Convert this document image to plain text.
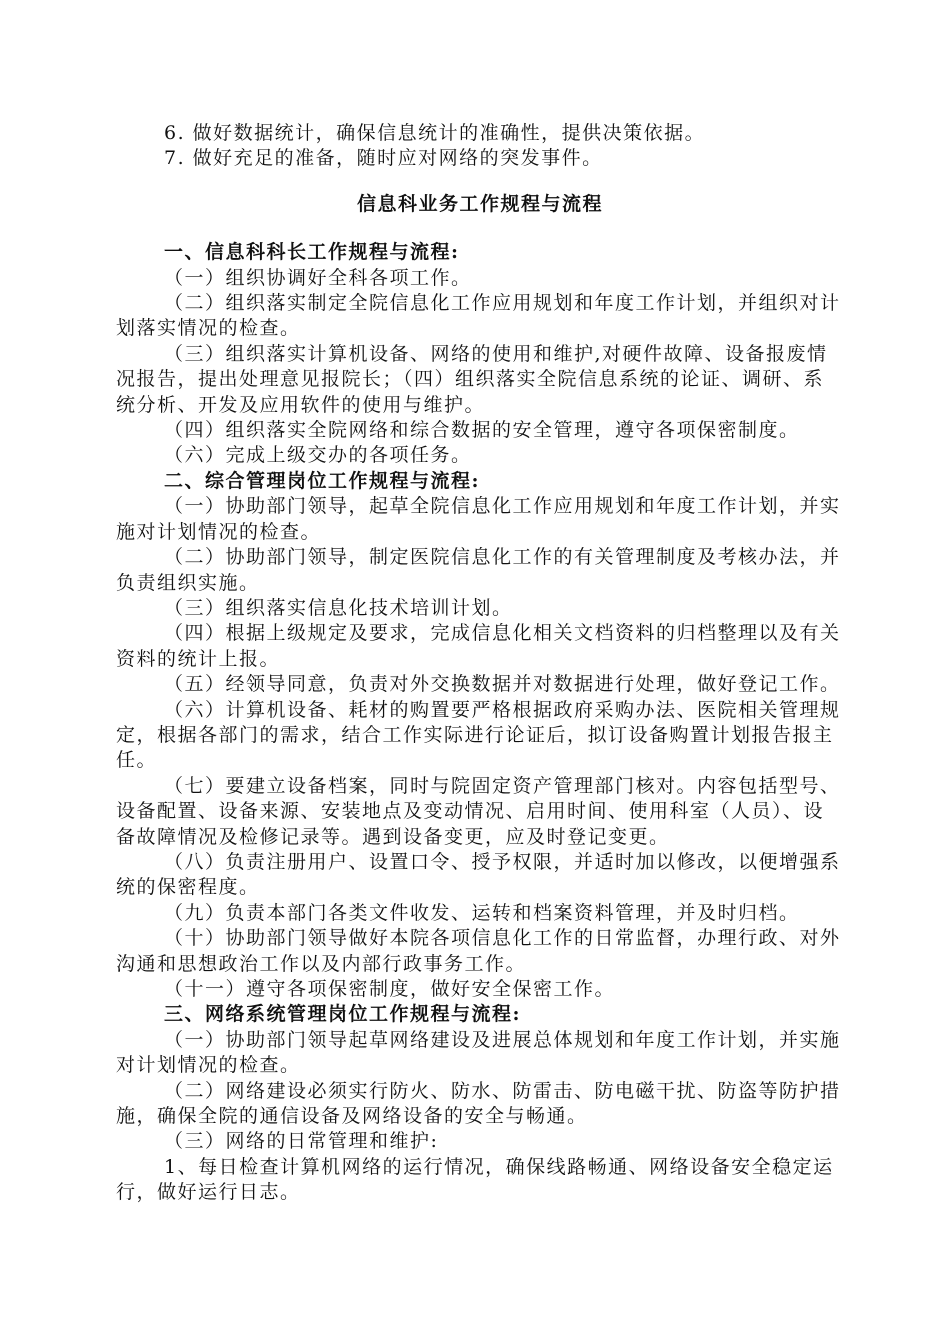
6. 做好数据统计，确保信息统计的准确性，提供决策依据。

7. 做好充足的准备，随时应对网络的突发事件。

信息科业务工作规程与流程

一、信息科科长工作规程与流程:

（一）组织协调好全科各项工作。

（二）组织落实制定全院信息化工作应用规划和年度工作计划，并组织对计划落实情况的检查。

（三）组织落实计算机设备、网络的使用和维护,对硬件故障、设备报废情况报告，提出处理意见报院长；（四）组织落实全院信息系统的论证、调研、系统分析、开发及应用软件的使用与维护。

（四）组织落实全院网络和综合数据的安全管理，遵守各项保密制度。

（六）完成上级交办的各项任务。

二、综合管理岗位工作规程与流程:

（一）协助部门领导，起草全院信息化工作应用规划和年度工作计划，并实施对计划情况的检查。

（二）协助部门领导，制定医院信息化工作的有关管理制度及考核办法，并负责组织实施。

（三）组织落实信息化技术培训计划。

（四）根据上级规定及要求，完成信息化相关文档资料的归档整理以及有关资料的统计上报。

（五）经领导同意，负责对外交换数据并对数据进行处理，做好登记工作。

（六）计算机设备、耗材的购置要严格根据政府采购办法、医院相关管理规定，根据各部门的需求，结合工作实际进行论证后，拟订设备购置计划报告报主任。

（七）要建立设备档案，同时与院固定资产管理部门核对。内容包括型号、设备配置、设备来源、安装地点及变动情况、启用时间、使用科室（人员）、设备故障情况及检修记录等。遇到设备变更，应及时登记变更。

（八）负责注册用户、设置口令、授予权限，并适时加以修改，以便增强系统的保密程度。

（九）负责本部门各类文件收发、运转和档案资料管理，并及时归档。

（十）协助部门领导做好本院各项信息化工作的日常监督，办理行政、对外沟通和思想政治工作以及内部行政事务工作。

（十一）遵守各项保密制度，做好安全保密工作。

三、网络系统管理岗位工作规程与流程:

（一）协助部门领导起草网络建设及进展总体规划和年度工作计划，并实施对计划情况的检查。

（二）网络建设必须实行防火、防水、防雷击、防电磁干扰、防盗等防护措施，确保全院的通信设备及网络设备的安全与畅通。

（三）网络的日常管理和维护:

1、每日检查计算机网络的运行情况，确保线路畅通、网络设备安全稳定运行，做好运行日志。
